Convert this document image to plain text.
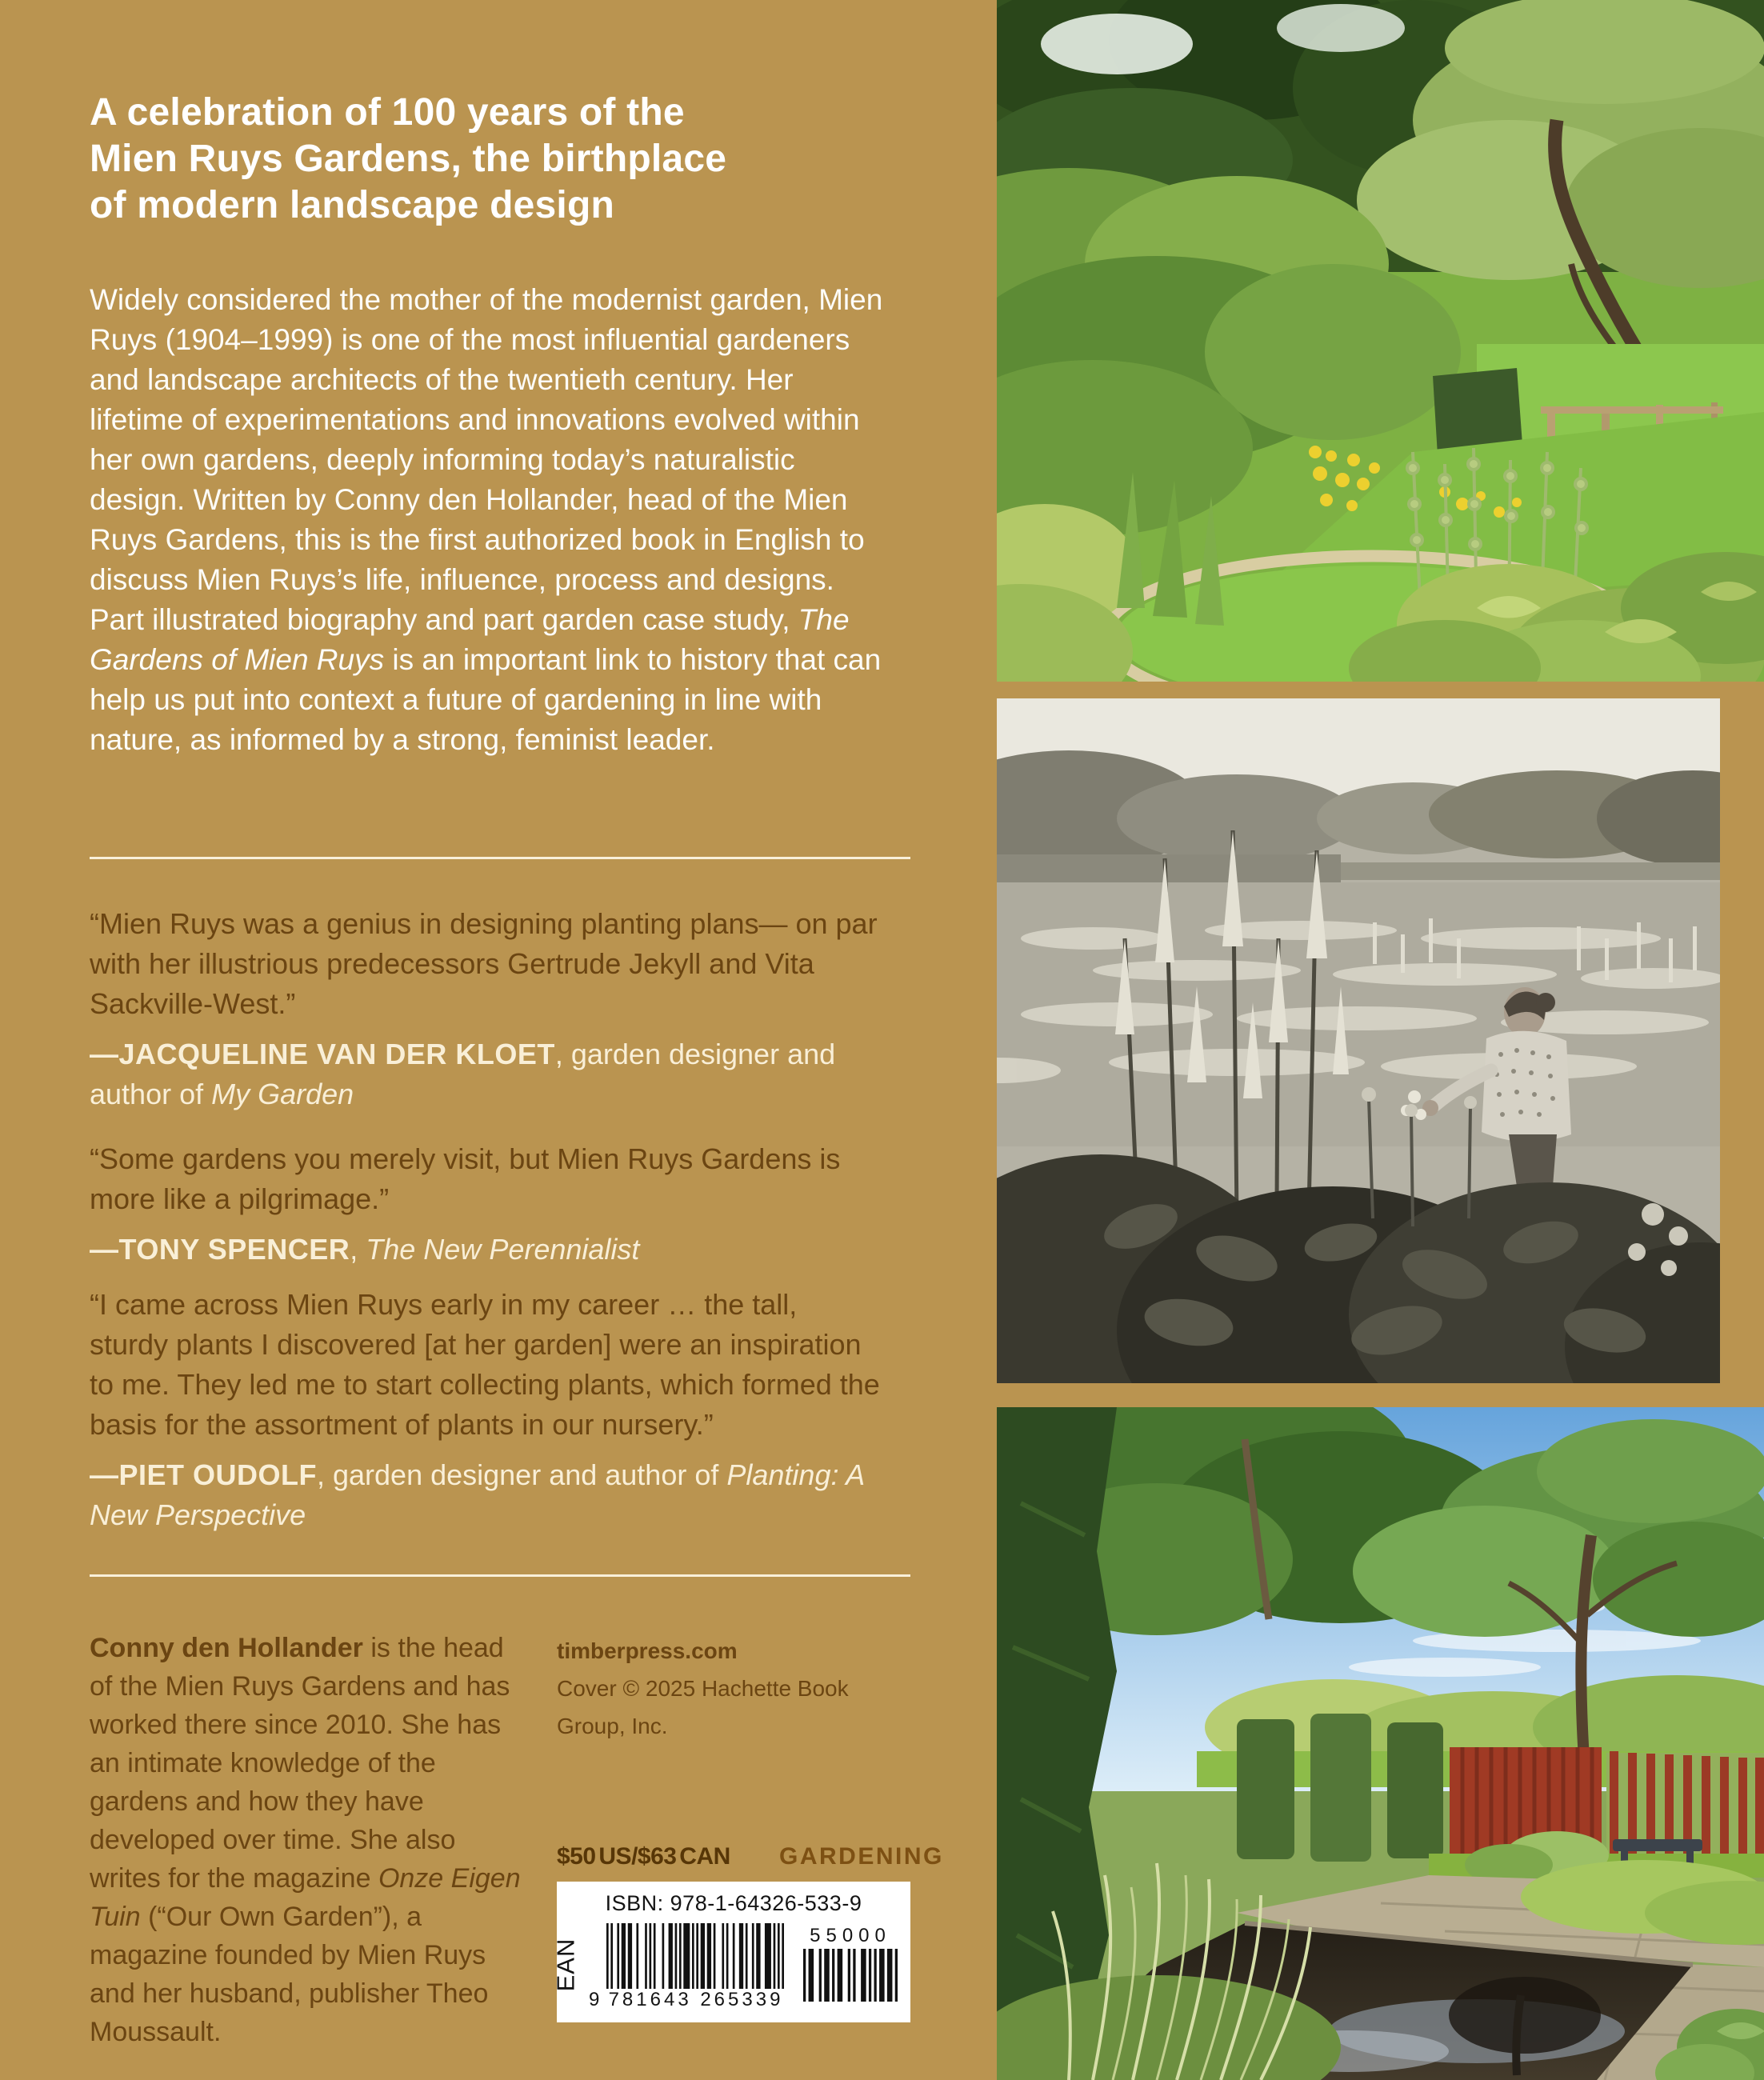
A celebration of 100 years of the
Mien Ruys Gardens, the birthplace
of modern landscape design
Widely considered the mother of the modernist garden, Mien Ruys (1904–1999) is one of the most influential gardeners and landscape architects of the twentieth century. Her lifetime of experimentations and innovations evolved within her own gardens, deeply informing today’s naturalistic design. Written by Conny den Hollander, head of the Mien Ruys Gardens, this is the first authorized book in English to discuss Mien Ruys’s life, influence, process and designs. Part illustrated biography and part garden case study, The Gardens of Mien Ruys is an important link to history that can help us put into context a future of gardening in line with nature, as informed by a strong, feminist leader.
“Mien Ruys was a genius in designing planting plans— on par with her illustrious predecessors Gertrude Jekyll and Vita Sackville-West.”
—JACQUELINE VAN DER KLOET, garden designer and author of My Garden
“Some gardens you merely visit, but Mien Ruys Gardens is more like a pilgrimage.”
—TONY SPENCER, The New Perennialist
“I came across Mien Ruys early in my career … the tall, sturdy plants I discovered [at her garden] were an inspiration to me. They led me to start collecting plants, which formed the basis for the assortment of plants in our nursery.”
—PIET OUDOLF, garden designer and author of Planting: A New Perspective
Conny den Hollander is the head of the Mien Ruys Gardens and has worked there since 2010. She has an intimate knowledge of the gardens and how they have developed over time. She also writes for the magazine Onze Eigen Tuin (“Our Own Garden”), a magazine founded by Mien Ruys and her husband, publisher Theo Moussault.
timberpress.com
Cover © 2025 Hachette Book Group, Inc.
$50 US/$63 CAN GARDENING
ISBN: 978-1-64326-533-9
EAN
9 781643 265339
55000
